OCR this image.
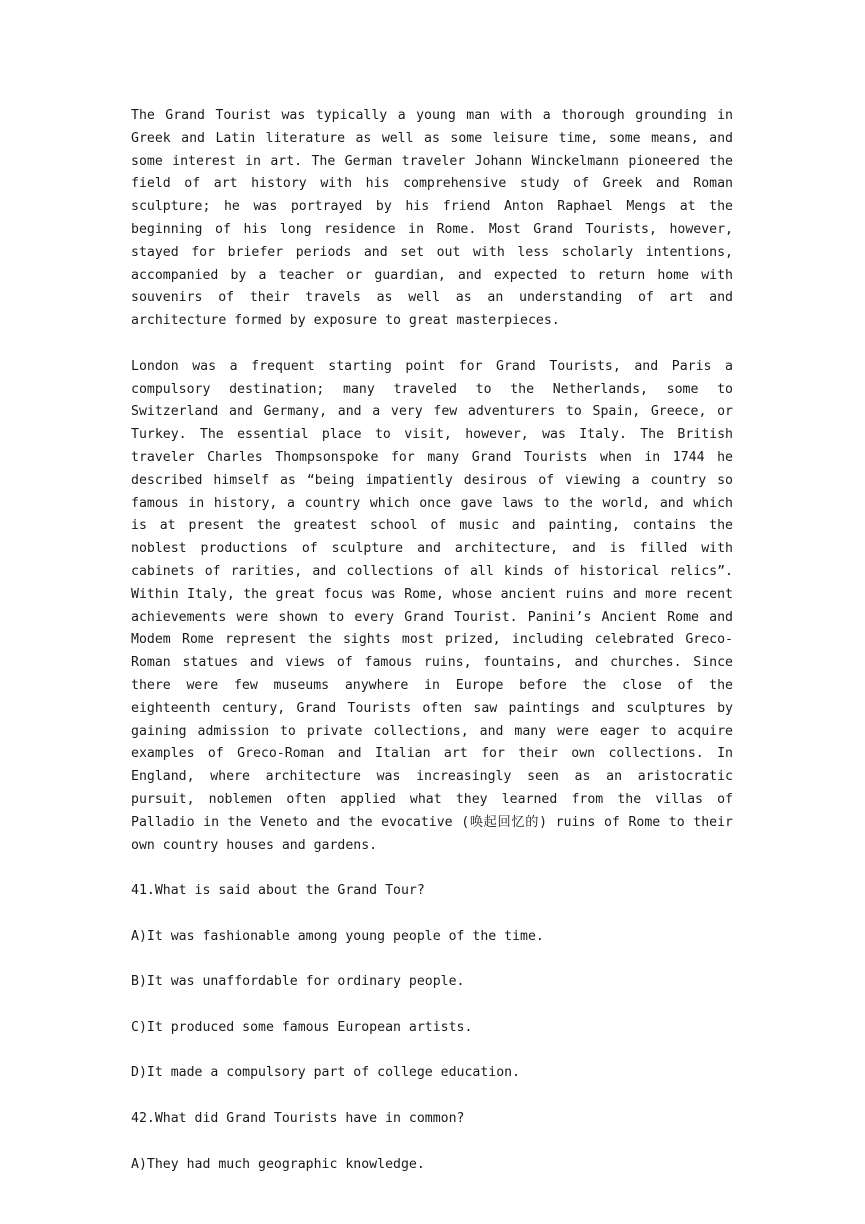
The Grand Tourist was typically a young man with a thorough grounding in Greek and Latin literature as well as some leisure time, some means, and some interest in art. The German traveler Johann Winckelmann pioneered the field of art history with his comprehensive study of Greek and Roman sculpture; he was portrayed by his friend Anton Raphael Mengs at the beginning of his long residence in Rome. Most Grand Tourists, however, stayed for briefer periods and set out with less scholarly intentions, accompanied by a teacher or guardian, and expected to return home with souvenirs of their travels as well as an understanding of art and architecture formed by exposure to great masterpieces.

London was a frequent starting point for Grand Tourists, and Paris a compulsory destination; many traveled to the Netherlands, some to Switzerland and Germany, and a very few adventurers to Spain, Greece, or Turkey. The essential place to visit, however, was Italy. The British traveler Charles Thompsonspoke for many Grand Tourists when in 1744 he described himself as “being impatiently desirous of viewing a country so famous in history, a country which once gave laws to the world, and which is at present the greatest school of music and painting, contains the noblest productions of sculpture and architecture, and is filled with cabinets of rarities, and collections of all kinds of historical relics”. Within Italy, the great focus was Rome, whose ancient ruins and more recent achievements were shown to every Grand Tourist. Panini’s Ancient Rome and Modem Rome represent the sights most prized, including celebrated Greco-Roman statues and views of famous ruins, fountains, and churches. Since there were few museums anywhere in Europe before the close of the eighteenth century, Grand Tourists often saw paintings and sculptures by gaining admission to private collections, and many were eager to acquire examples of Greco-Roman and Italian art for their own collections. In England, where architecture was increasingly seen as an aristocratic pursuit, noblemen often applied what they learned from the villas of Palladio in the Veneto and the evocative (唤起回忆的) ruins of Rome to their own country houses and gardens.

41.What is said about the Grand Tour?

A)It was fashionable among young people of the time.

B)It was unaffordable for ordinary people.

C)It produced some famous European artists.

D)It made a compulsory part of college education.

42.What did Grand Tourists have in common?

A)They had much geographic knowledge.
